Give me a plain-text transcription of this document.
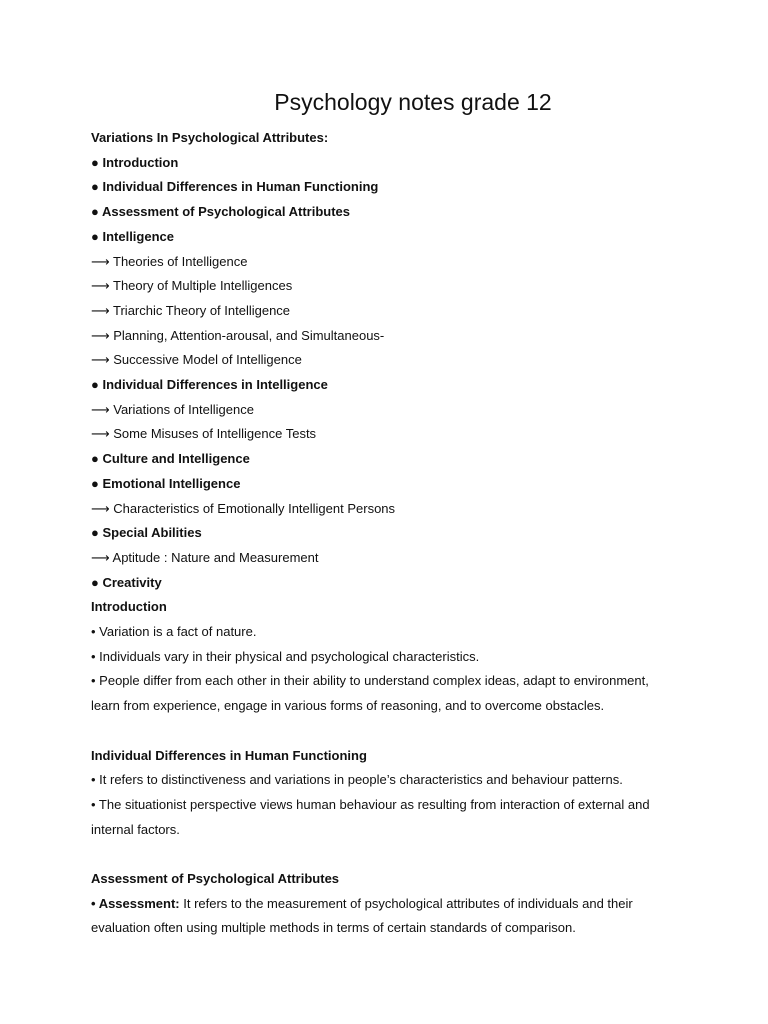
Psychology notes grade 12
Variations In Psychological Attributes:
● Introduction
● Individual Differences in Human Functioning
● Assessment of Psychological Attributes
● Intelligence
⟶ Theories of Intelligence
⟶ Theory of Multiple Intelligences
⟶ Triarchic Theory of Intelligence
⟶ Planning, Attention-arousal, and Simultaneous-
⟶ Successive Model of Intelligence
● Individual Differences in Intelligence
⟶ Variations of Intelligence
⟶ Some Misuses of Intelligence Tests
● Culture and Intelligence
● Emotional Intelligence
⟶ Characteristics of Emotionally Intelligent Persons
● Special Abilities
⟶ Aptitude : Nature and Measurement
● Creativity
Introduction
• Variation is a fact of nature.
• Individuals vary in their physical and psychological characteristics.
• People differ from each other in their ability to understand complex ideas, adapt to environment, learn from experience, engage in various forms of reasoning, and to overcome obstacles.
Individual Differences in Human Functioning
• It refers to distinctiveness and variations in people’s characteristics and behaviour patterns.
• The situationist perspective views human behaviour as resulting from interaction of external and internal factors.
Assessment of Psychological Attributes
• Assessment: It refers to the measurement of psychological attributes of individuals and their evaluation often using multiple methods in terms of certain standards of comparison.
